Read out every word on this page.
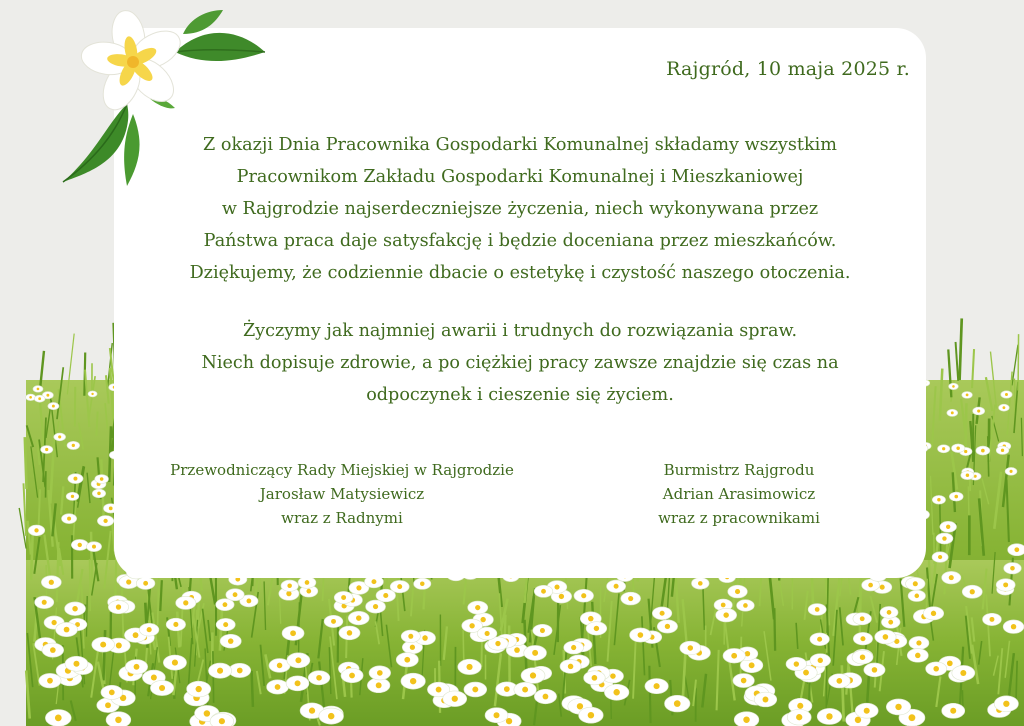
Rajgród, 10 maja 2025 r.

Z okazji Dnia Pracownika Gospodarki Komunalnej składamy wszystkim

Pracownikom Zakładu Gospodarki Komunalnej i Mieszkaniowej

w Rajgrodzie najserdeczniejsze życzenia, niech wykonywana przez

Państwa praca daje satysfakcję i będzie doceniana przez mieszkańców.

Dziękujemy, że codziennie dbacie o estetykę i czystość naszego otoczenia.

Życzymy jak najmniej awarii i trudnych do rozwiązania spraw.

Niech dopisuje zdrowie, a po ciężkiej pracy zawsze znajdzie się czas na

odpoczynek i cieszenie się życiem.

Przewodniczący Rady Miejskiej w Rajgrodzie
Jarosław Matysiewicz
wraz z Radnymi
Burmistrz Rajgrodu
Adrian Arasimowicz
wraz z pracownikami
